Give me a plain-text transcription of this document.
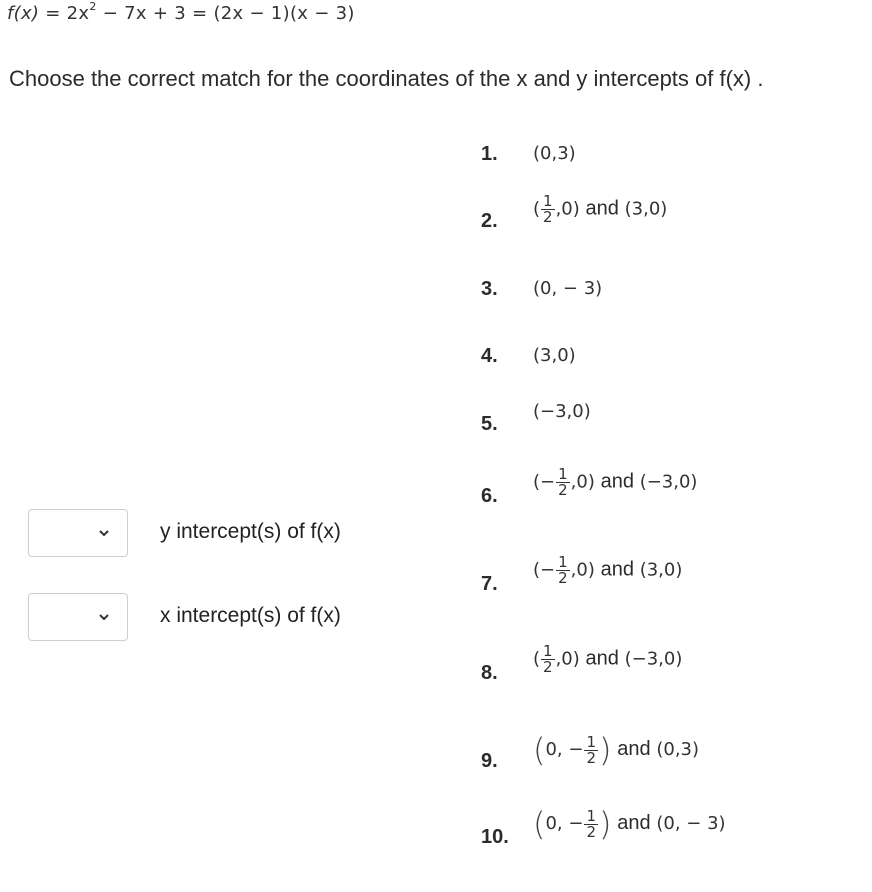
$f(x) = 2x^2 - 7x + 3 = (2x - 1)(x - 3)$
Choose the correct match for the coordinates of the x and y intercepts of f(x) .
y intercept(s) of f(x)
x intercept(s) of f(x)
1. (0,3)
2.
( $\frac{1}{2} ,0$) and (3,0)
3. (0, − 3)
4. (3,0)
5.
(−3,0)
6.
(− $\frac{1}{2} ,0$) and (−3,0)
7.
(− $\frac{1}{2} ,0$) and (3,0)
8.
( $\frac{1}{2} ,0$) and (−3,0)
9. (0, − $\frac{1}{2}$ ) and (0,3)
10. (0, − $\frac{1}{2}$ ) and (0, − 3)
